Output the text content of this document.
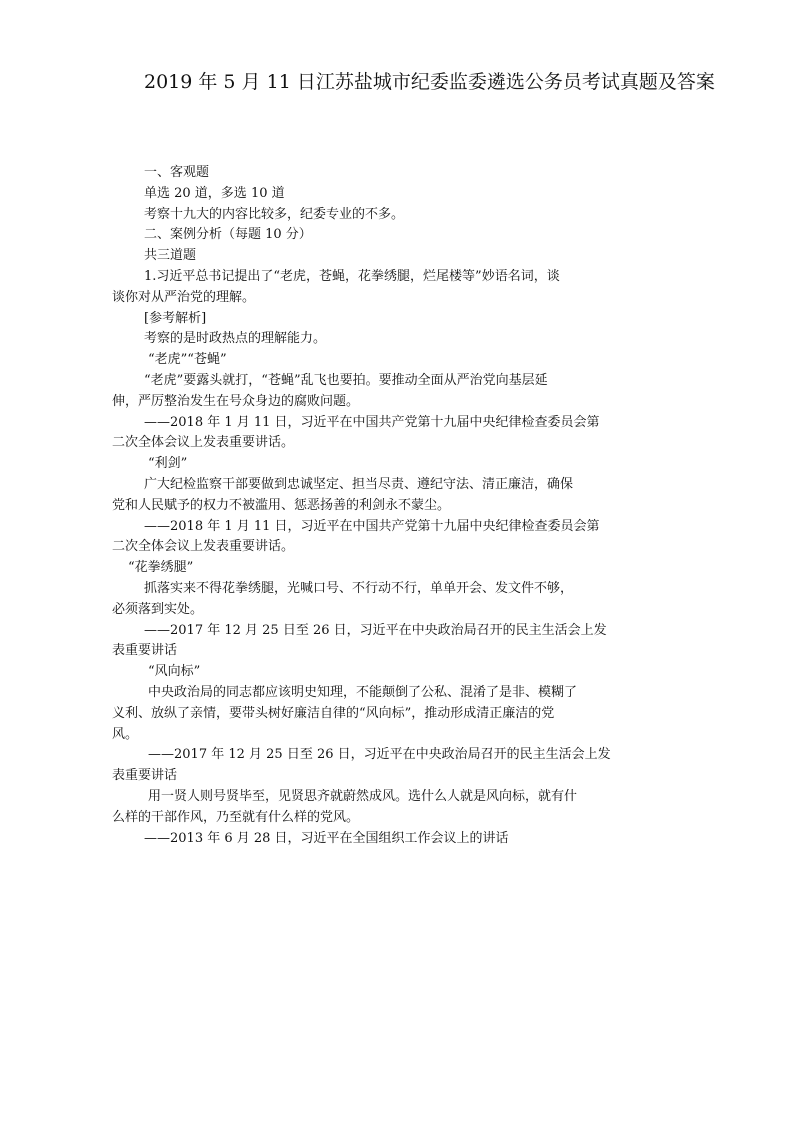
2019 年 5 月 11 日江苏盐城市纪委监委遴选公务员考试真题及答案
一、客观题
单选 20 道，多选 10 道
考察十九大的内容比较多，纪委专业的不多。
二、案例分析（每题 10 分）
共三道题
1.习近平总书记提出了“老虎，苍蝇，花拳绣腿，烂尾楼等”妙语名词，谈
谈你对从严治党的理解。
[参考解析]
考察的是时政热点的理解能力。
“老虎”“苍蝇”
“老虎”要露头就打，“苍蝇”乱飞也要拍。要推动全面从严治党向基层延
伸，严厉整治发生在号众身边的腐败问题。
——2018 年 1 月 11 日，习近平在中国共产党第十九届中央纪律检查委员会第
二次全体会议上发表重要讲话。
“利剑”
广大纪检监察干部要做到忠诚坚定、担当尽责、遵纪守法、清正廉洁，确保
党和人民赋予的权力不被滥用、惩恶扬善的利剑永不蒙尘。
——2018 年 1 月 11 日，习近平在中国共产党第十九届中央纪律检查委员会第
二次全体会议上发表重要讲话。
“花拳绣腿”
抓落实来不得花拳绣腿，光喊口号、不行动不行，单单开会、发文件不够，
必须落到实处。
——2017 年 12 月 25 日至 26 日，习近平在中央政治局召开的民主生活会上发
表重要讲话
“风向标”
中央政治局的同志都应该明史知理，不能颠倒了公私、混淆了是非、模糊了
义利、放纵了亲情，要带头树好廉洁自律的“风向标”，推动形成清正廉洁的党
风。
——2017 年 12 月 25 日至 26 日，习近平在中央政治局召开的民主生活会上发
表重要讲话
用一贤人则号贤毕至，见贤思齐就蔚然成风。选什么人就是风向标，就有什
么样的干部作风，乃至就有什么样的党风。
——2013 年 6 月 28 日，习近平在全国组织工作会议上的讲话
